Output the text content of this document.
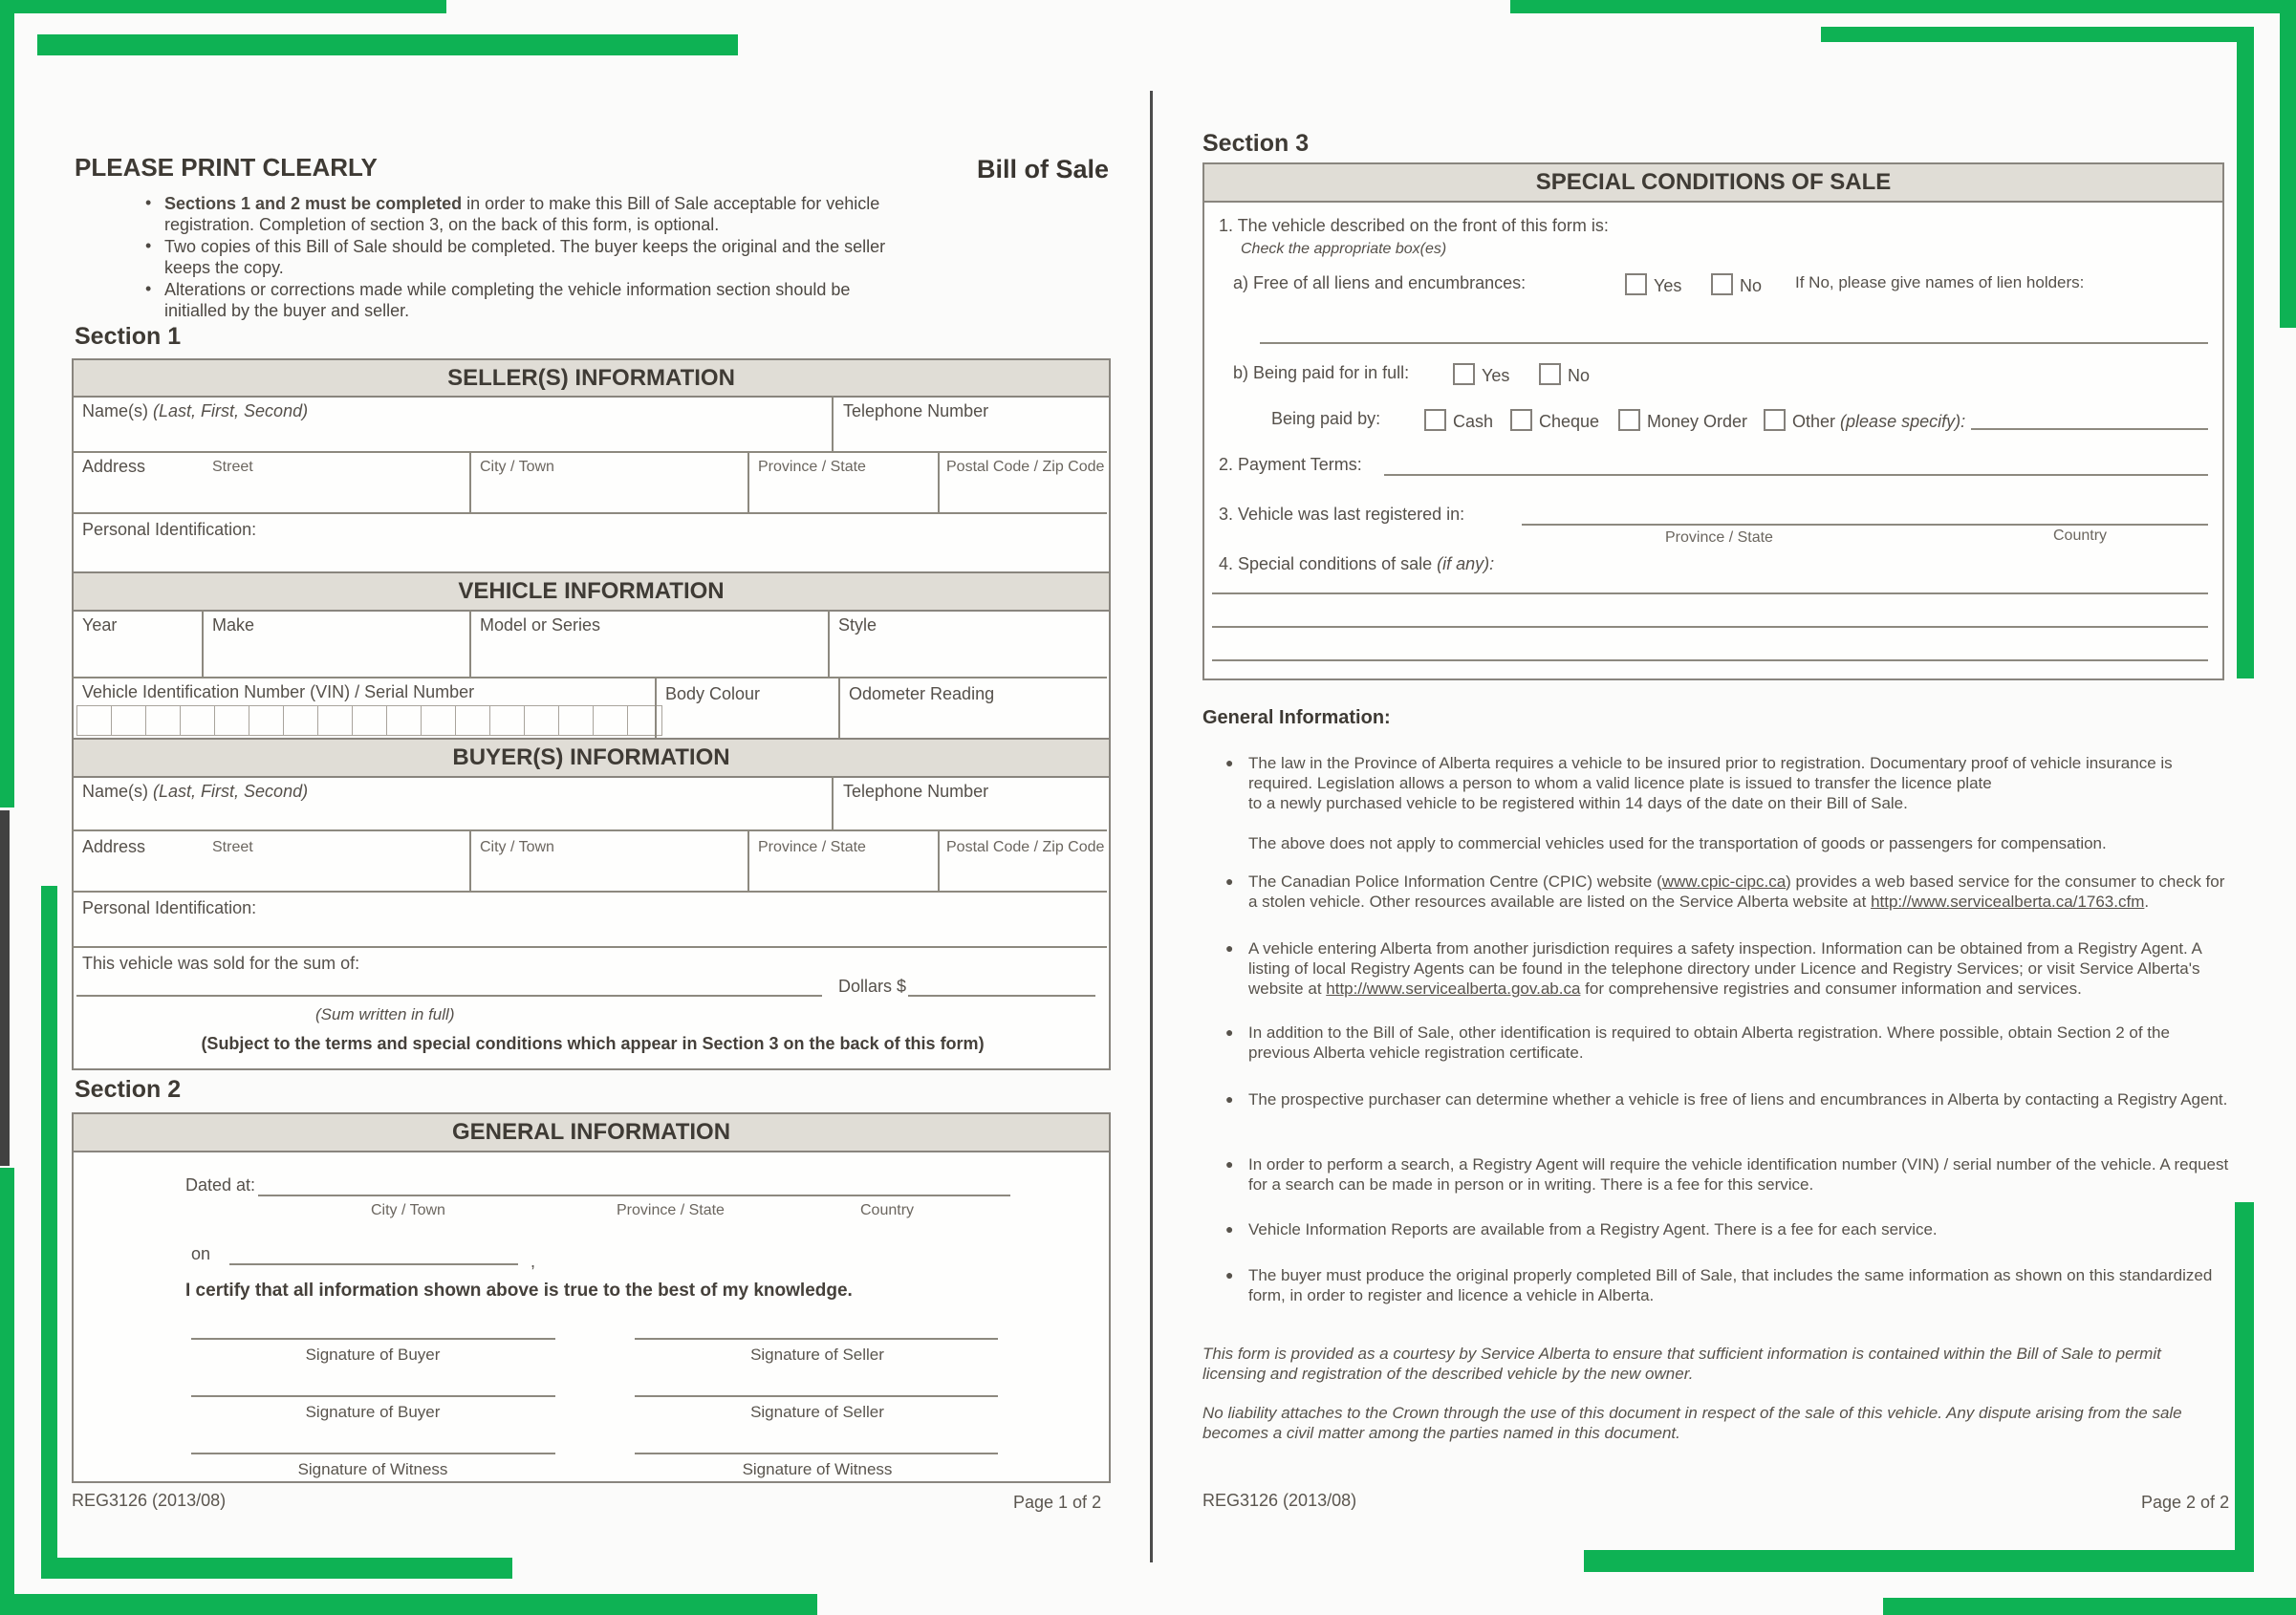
PLEASE PRINT CLEARLY	Bill of Sale
• Sections 1 and 2 must be completed in order to make this Bill of Sale acceptable for vehicle registration. Completion of section 3, on the back of this form, is optional.
• Two copies of this Bill of Sale should be completed. The buyer keeps the original and the seller keeps the copy.
• Alterations or corrections made while completing the vehicle information section should be initialled by the buyer and seller.
Section 1
SELLER(S) INFORMATION
Name(s) (Last, First, Second)	Telephone Number
Address	Street	City / Town	Province / State	Postal Code / Zip Code
Personal Identification:
VEHICLE INFORMATION
Year	Make	Model or Series	Style
Vehicle Identification Number (VIN) / Serial Number	Body Colour	Odometer Reading
BUYER(S) INFORMATION
Name(s) (Last, First, Second)	Telephone Number
Address	Street	City / Town	Province / State	Postal Code / Zip Code
Personal Identification:
This vehicle was sold for the sum of:
(Sum written in full)
Dollars $
(Subject to the terms and special conditions which appear in Section 3 on the back of this form)
Section 2
GENERAL INFORMATION
Dated at:
City / Town	Province / State	Country
on	,
I certify that all information shown above is true to the best of my knowledge.
Signature of Buyer	Signature of Seller
Signature of Buyer	Signature of Seller
Signature of Witness	Signature of Witness
REG3126 (2013/08)	Page 1 of 2
Section 3
SPECIAL CONDITIONS OF SALE
1. The vehicle described on the front of this form is:
Check the appropriate box(es)
a) Free of all liens and encumbrances:	Yes	No If No, please give names of lien holders:
b) Being paid for in full:	Yes	No
Being paid by:	Cash	Cheque	Money Order	Other (please specify):
2. Payment Terms:
3. Vehicle was last registered in:
Province / State	Country
4. Special conditions of sale (if any):
General Information:
● The law in the Province of Alberta requires a vehicle to be insured prior to registration. Documentary proof of vehicle insurance is required. Legislation allows a person to whom a valid licence plate is issued to transfer the licence plate
to a newly purchased vehicle to be registered within 14 days of the date on their Bill of Sale.
The above does not apply to commercial vehicles used for the transportation of goods or passengers for compensation.
● The Canadian Police Information Centre (CPIC) website (www.cpic-cipc.ca) provides a web based service for the consumer to check for a stolen vehicle. Other resources available are listed on the Service Alberta website at http://www.servicealberta.ca/1763.cfm.
● A vehicle entering Alberta from another jurisdiction requires a safety inspection. Information can be obtained from a Registry Agent. A listing of local Registry Agents can be found in the telephone directory under Licence and Registry Services; or visit Service Alberta's website at http://www.servicealberta.gov.ab.ca for comprehensive registries and consumer information and services.
● In addition to the Bill of Sale, other identification is required to obtain Alberta registration. Where possible, obtain Section 2 of the previous Alberta vehicle registration certificate.
● The prospective purchaser can determine whether a vehicle is free of liens and encumbrances in Alberta by contacting a Registry Agent.
● In order to perform a search, a Registry Agent will require the vehicle identification number (VIN) / serial number of the vehicle. A request for a search can be made in person or in writing. There is a fee for this service.
● Vehicle Information Reports are available from a Registry Agent. There is a fee for each service.
● The buyer must produce the original properly completed Bill of Sale, that includes the same information as shown on this standardized form, in order to register and licence a vehicle in Alberta.
This form is provided as a courtesy by Service Alberta to ensure that sufficient information is contained within the Bill of Sale to permit licensing and registration of the described vehicle by the new owner.
No liability attaches to the Crown through the use of this document in respect of the sale of this vehicle. Any dispute arising from the sale becomes a civil matter among the parties named in this document.
REG3126 (2013/08)	Page 2 of 2
